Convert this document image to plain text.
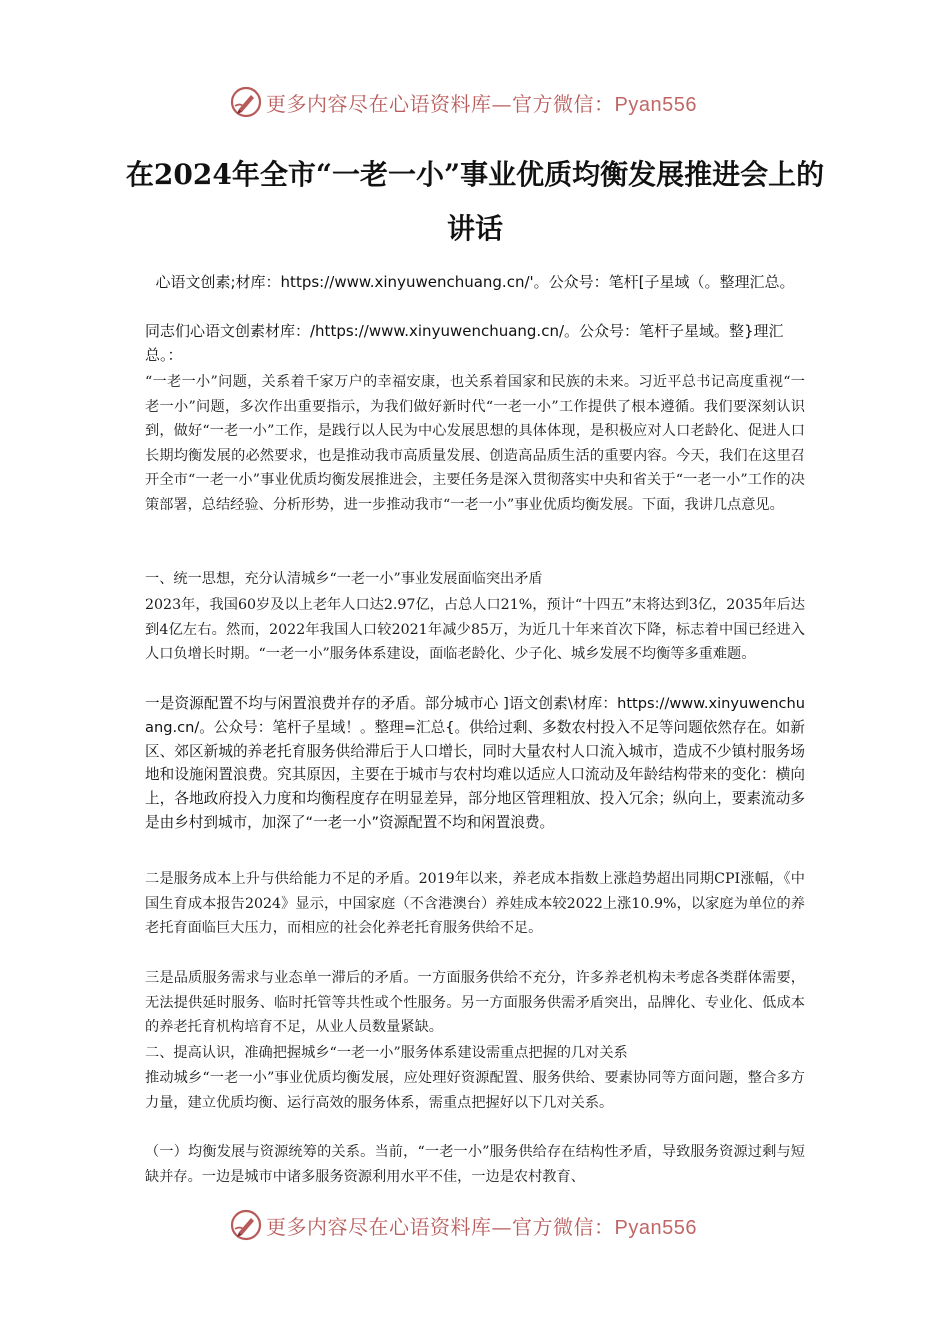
更多内容尽在心语资料库—官方微信：Pyan556
在2024年全市“一老一小”事业优质均衡发展推进会上的讲话

心语文创素;材库：https://www.xinyuwenchuang.cn/'。公众号：笔杆[子星域（。整理汇总。

同志们心语文创素材库：/https://www.xinyuwenchuang.cn/。公众号：笔杆子星域。整}理汇总。：

“一老一小”问题，关系着千家万户的幸福安康，也关系着国家和民族的未来。习近平总书记高度重视“一老一小”问题，多次作出重要指示，为我们做好新时代“一老一小”工作提供了根本遵循。我们要深刻认识到，做好“一老一小”工作，是践行以人民为中心发展思想的具体体现，是积极应对人口老龄化、促进人口长期均衡发展的必然要求，也是推动我市高质量发展、创造高品质生活的重要内容。今天，我们在这里召开全市“一老一小”事业优质均衡发展推进会，主要任务是深入贯彻落实中央和省关于“一老一小”工作的决策部署，总结经验、分析形势，进一步推动我市“一老一小”事业优质均衡发展。下面，我讲几点意见。

一、统一思想，充分认清城乡“一老一小”事业发展面临突出矛盾

2023年，我国60岁及以上老年人口达2.97亿，占总人口21%，预计“十四五”末将达到3亿，2035年后达到4亿左右。然而，2022年我国人口较2021年减少85万，为近几十年来首次下降，标志着中国已经进入人口负增长时期。“一老一小”服务体系建设，面临老龄化、少子化、城乡发展不均衡等多重难题。

一是资源配置不均与闲置浪费并存的矛盾。部分城市心 ]语文创素\材库：https://www.xinyuwenchuang.cn/。公众号：笔杆子星域！。整理=汇总{。供给过剩、多数农村投入不足等问题依然存在。如新区、郊区新城的养老托育服务供给滞后于人口增长，同时大量农村人口流入城市，造成不少镇村服务场地和设施闲置浪费。究其原因，主要在于城市与农村均难以适应人口流动及年龄结构带来的变化：横向上，各地政府投入力度和均衡程度存在明显差异，部分地区管理粗放、投入冗余；纵向上，要素流动多是由乡村到城市，加深了“一老一小”资源配置不均和闲置浪费。

二是服务成本上升与供给能力不足的矛盾。2019年以来，养老成本指数上涨趋势超出同期CPI涨幅，《中国生育成本报告2024》显示，中国家庭（不含港澳台）养娃成本较2022上涨10.9%，以家庭为单位的养老托育面临巨大压力，而相应的社会化养老托育服务供给不足。

三是品质服务需求与业态单一滞后的矛盾。一方面服务供给不充分，许多养老机构未考虑各类群体需要，无法提供延时服务、临时托管等共性或个性服务。另一方面服务供需矛盾突出，品牌化、专业化、低成本的养老托育机构培育不足，从业人员数量紧缺。

二、提高认识，准确把握城乡“一老一小”服务体系建设需重点把握的几对关系

推动城乡“一老一小”事业优质均衡发展，应处理好资源配置、服务供给、要素协同等方面问题，整合多方力量，建立优质均衡、运行高效的服务体系，需重点把握好以下几对关系。

（一）均衡发展与资源统筹的关系。当前，“一老一小”服务供给存在结构性矛盾，导致服务资源过剩与短缺并存。一边是城市中诸多服务资源利用水平不佳，一边是农村教育、

更多内容尽在心语资料库—官方微信：Pyan556
